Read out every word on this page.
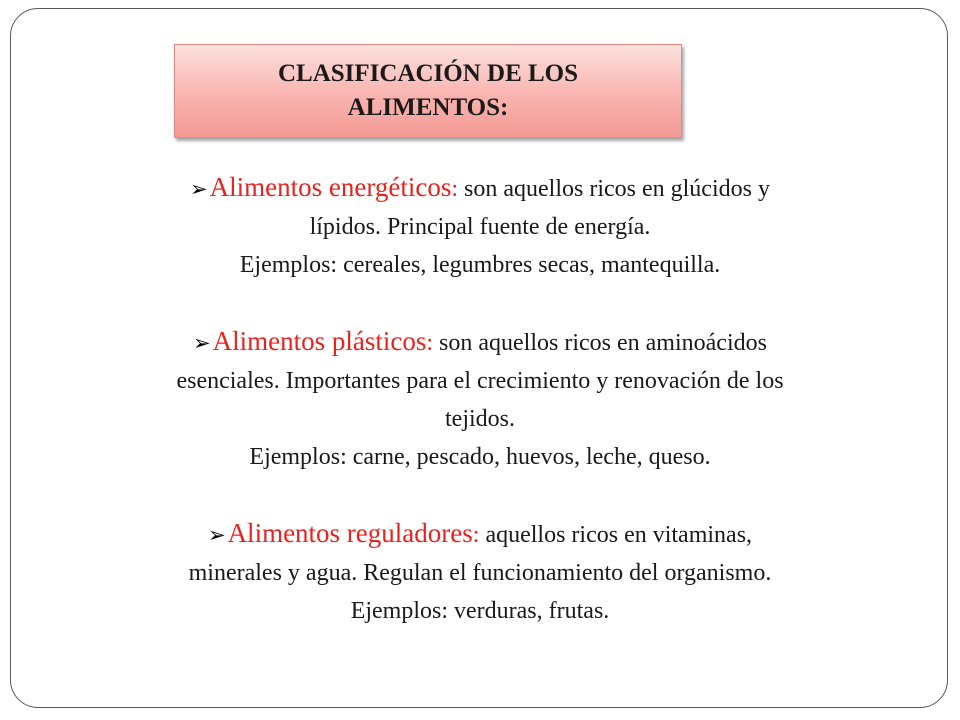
CLASIFICACIÓN DE LOS
ALIMENTOS:
➢Alimentos energéticos: son aquellos ricos en glúcidos y
lípidos. Principal fuente de energía.
Ejemplos: cereales, legumbres secas, mantequilla.
➢Alimentos plásticos: son aquellos ricos en aminoácidos
esenciales. Importantes para el crecimiento y renovación de los
tejidos.
Ejemplos: carne, pescado, huevos, leche, queso.
➢Alimentos reguladores: aquellos ricos en vitaminas,
minerales y agua. Regulan el funcionamiento del organismo.
Ejemplos: verduras, frutas.
